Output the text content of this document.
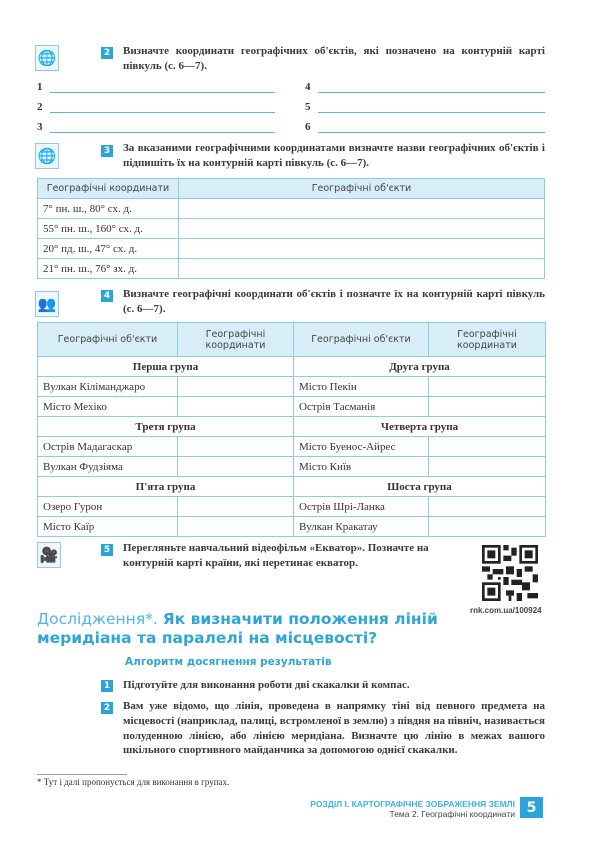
🌐	2 Визначте координати географічних об'єктів, які позначено на контурній карті півкуль (с. 6—7).
1
2
3
4
5
6
🌐	3 За вказаними географічними координатами визначте назви географічних об'єктів і підпишіть їх на контурній карті півкуль (с. 6—7).
Географічні координати	Географічні об'єкти
7° пн. ш., 80° сх. д.	
55° пн. ш., 160° сх. д.	
20° пд. ш., 47° сх. д.	
21° пн. ш., 76° зх. д.	
👥	4 Визначте географічні координати об'єктів і позначте їх на контурній карті півкуль (с. 6—7).
Географічні об'єкти	Географічні координати	Географічні об'єкти	Географічні координати
Перша група		Друга група	
Вулкан Кіліманджаро		Місто Пекін	
Місто Мехіко		Острів Тасманія	
Третя група		Четверта група	
Острів Мадагаскар		Місто Буенос-Айрес	
Вулкан Фудзіяма		Місто Київ	
П'ята група		Шоста група	
Озеро Гурон		Острів Шрі-Ланка	
Місто Каїр		Вулкан Кракатау	
🎥	5 Перегляньте навчальний відеофільм «Екватор». Позначте на контурній карті країни, які перетинає екватор.
rnk.com.ua/100924
Дослідження*. Як визначити положення ліній меридіана та паралелі на місцевості?
Алгоритм досягнення результатів
1 Підготуйте для виконання роботи дві скакалки й компас.
2 Вам уже відомо, що лінія, проведена в напрямку тіні від певного предмета на місцевості (наприклад, палиці, встромленої в землю) з півдня на північ, називається полуденною лінією, або лінією меридіана. Визначте цю лінію в межах вашого шкільного спортивного майданчика за допомогою однієї скакалки.
* Тут і далі пропонується для виконання в групах.
РОЗДІЛ I. КАРТОГРАФІЧНЕ ЗОБРАЖЕННЯ ЗЕМЛІ
Тема 2. Географічні координати 5
